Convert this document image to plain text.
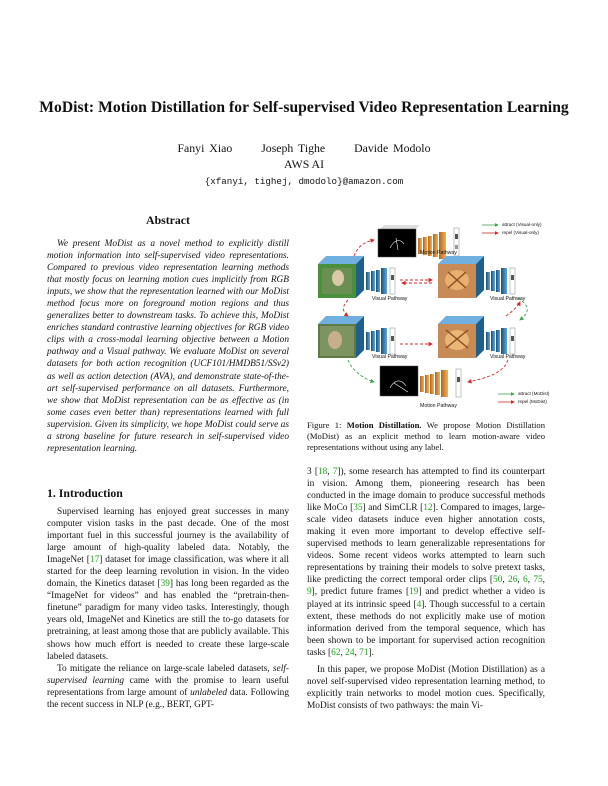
MoDist: Motion Distillation for Self-supervised Video Representation Learning
Fanyi Xiao Joseph Tighe Davide Modolo
AWS AI
{xfanyi, tighej, dmodolo}@amazon.com
Abstract
We present MoDist as a novel method to explicitly distill motion information into self-supervised video representations. Compared to previous video representation learning methods that mostly focus on learning motion cues implicitly from RGB inputs, we show that the representation learned with our MoDist method focus more on foreground motion regions and thus generalizes better to downstream tasks. To achieve this, MoDist enriches standard contrastive learning objectives for RGB video clips with a cross-modal learning objective between a Motion pathway and a Visual pathway. We evaluate MoDist on several datasets for both action recognition (UCF101/HMDB51/SSv2) as well as action detection (AVA), and demonstrate state-of-the-art self-supervised performance on all datasets. Furthermore, we show that MoDist representation can be as effective as (in some cases even better than) representations learned with full supervision. Given its simplicity, we hope MoDist could serve as a strong baseline for future research in self-supervised video representation learning.
1. Introduction
Supervised learning has enjoyed great successes in many computer vision tasks in the past decade. One of the most important fuel in this successful journey is the availability of large amount of high-quality labeled data. Notably, the ImageNet [17] dataset for image classification, was where it all started for the deep learning revolution in vision. In the video domain, the Kinetics dataset [39] has long been regarded as the “ImageNet for videos” and has enabled the “pretrain-then-finetune” paradigm for many video tasks. Interestingly, though years old, ImageNet and Kinetics are still the to-go datasets for pretraining, at least among those that are publicly available. This shows how much effort is needed to create these large-scale labeled datasets.
To mitigate the reliance on large-scale labeled datasets, self-supervised learning came with the promise to learn useful representations from large amount of unlabeled data. Following the recent success in NLP (e.g., BERT, GPT-
Motion Pathway
Visual Pathway	Visual Pathway
Visual Pathway	Visual Pathway
Motion Pathway
attract (Visual-only)
repel (Visual-only)
attract (MoDist)
repel (MoDist)
Figure 1: Motion Distillation. We propose Motion Distillation (MoDist) as an explicit method to learn motion-aware video representations without using any label.
3 [18, 7]), some research has attempted to find its counterpart in vision. Among them, pioneering research has been conducted in the image domain to produce successful methods like MoCo [35] and SimCLR [12]. Compared to images, large-scale video datasets induce even higher annotation costs, making it even more important to develop effective self-supervised methods to learn generalizable representations for videos. Some recent videos works attempted to learn such representations by training their models to solve pretext tasks, like predicting the correct temporal order clips [50, 26, 6, 75, 9], predict future frames [19] and predict whether a video is played at its intrinsic speed [4]. Though successful to a certain extent, these methods do not explicitly make use of motion information derived from the temporal sequence, which has been shown to be important for supervised action recognition tasks [62, 24, 71].
In this paper, we propose MoDist (Motion Distillation) as a novel self-supervised video representation learning method, to explicitly train networks to model motion cues. Specifically, MoDist consists of two pathways: the main Vi-
